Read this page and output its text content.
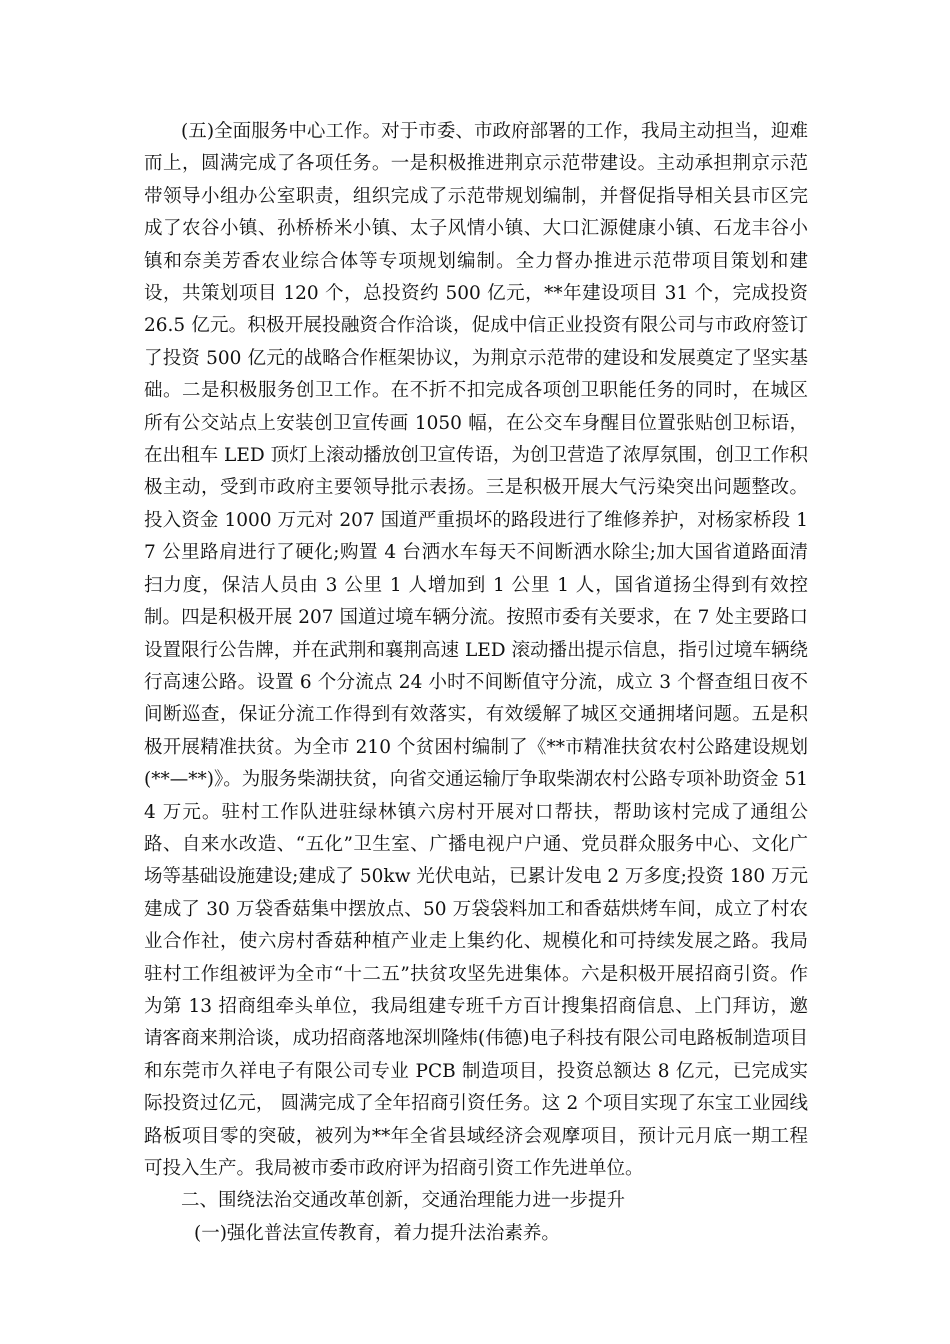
(五)全面服务中心工作。对于市委、市政府部署的工作，我局主动担当，迎难而上，圆满完成了各项任务。一是积极推进荆京示范带建设。主动承担荆京示范带领导小组办公室职责，组织完成了示范带规划编制，并督促指导相关县市区完成了农谷小镇、孙桥桥米小镇、太子风情小镇、大口汇源健康小镇、石龙丰谷小镇和奈美芳香农业综合体等专项规划编制。全力督办推进示范带项目策划和建设，共策划项目 120 个，总投资约 500 亿元，**年建设项目 31 个，完成投资 26.5 亿元。积极开展投融资合作洽谈，促成中信正业投资有限公司与市政府签订了投资 500 亿元的战略合作框架协议，为荆京示范带的建设和发展奠定了坚实基础。二是积极服务创卫工作。在不折不扣完成各项创卫职能任务的同时，在城区所有公交站点上安装创卫宣传画 1050 幅，在公交车身醒目位置张贴创卫标语，在出租车 LED 顶灯上滚动播放创卫宣传语，为创卫营造了浓厚氛围，创卫工作积极主动，受到市政府主要领导批示表扬。三是积极开展大气污染突出问题整改。投入资金 1000 万元对 207 国道严重损坏的路段进行了维修养护，对杨家桥段 17 公里路肩进行了硬化;购置 4 台洒水车每天不间断洒水除尘;加大国省道路面清扫力度，保洁人员由 3 公里 1 人增加到 1 公里 1 人，国省道扬尘得到有效控制。四是积极开展 207 国道过境车辆分流。按照市委有关要求，在 7 处主要路口设置限行公告牌，并在武荆和襄荆高速 LED 滚动播出提示信息，指引过境车辆绕行高速公路。设置 6 个分流点 24 小时不间断值守分流，成立 3 个督查组日夜不间断巡查，保证分流工作得到有效落实，有效缓解了城区交通拥堵问题。五是积极开展精准扶贫。为全市 210 个贫困村编制了《**市精准扶贫农村公路建设规划(**—**)》。为服务柴湖扶贫，向省交通运输厅争取柴湖农村公路专项补助资金 514 万元。驻村工作队进驻绿林镇六房村开展对口帮扶，帮助该村完成了通组公路、自来水改造、“五化”卫生室、广播电视户户通、党员群众服务中心、文化广场等基础设施建设;建成了 50kw 光伏电站，已累计发电 2 万多度;投资 180 万元建成了 30 万袋香菇集中摆放点、50 万袋袋料加工和香菇烘烤车间，成立了村农业合作社，使六房村香菇种植产业走上集约化、规模化和可持续发展之路。我局驻村工作组被评为全市“十二五”扶贫攻坚先进集体。六是积极开展招商引资。作为第 13 招商组牵头单位，我局组建专班千方百计搜集招商信息、上门拜访，邀请客商来荆洽谈，成功招商落地深圳隆炜(伟德)电子科技有限公司电路板制造项目和东莞市久祥电子有限公司专业 PCB 制造项目，投资总额达 8 亿元，已完成实际投资过亿元， 圆满完成了全年招商引资任务。这 2 个项目实现了东宝工业园线路板项目零的突破，被列为**年全省县域经济会观摩项目，预计元月底一期工程可投入生产。我局被市委市政府评为招商引资工作先进单位。

二、围绕法治交通改革创新，交通治理能力进一步提升

(一)强化普法宣传教育，着力提升法治素养。
